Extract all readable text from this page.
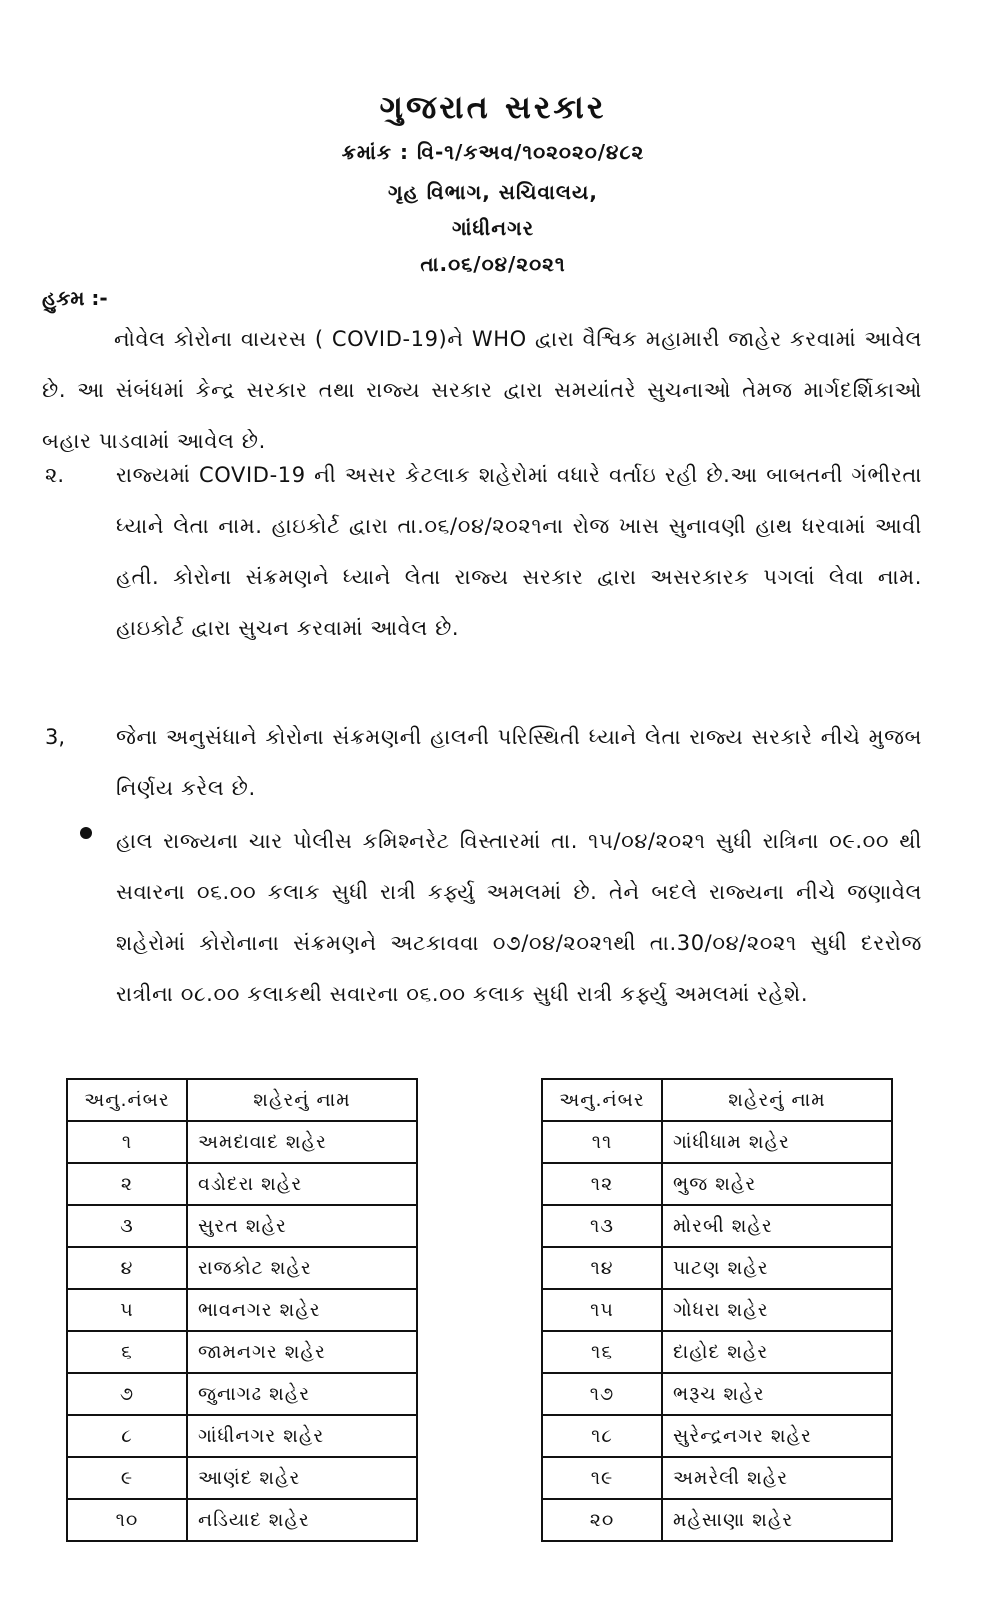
ગુજરાત સરકાર
ક્રમાંક : વિ-૧/કઅવ/૧૦૨૦૨૦/૪૮૨
ગૃહ વિભાગ, સચિવાલય,
ગાંધીનગર
તા.૦૬/૦૪/૨૦૨૧
હુકમ :-
નોવેલ કોરોના વાયરસ ( COVID-19)ને WHO દ્વારા વૈશ્વિક મહામારી જાહેર કરવામાં આવેલ છે. આ સંબંધમાં કેન્દ્ર સરકાર તથા રાજ્ય સરકાર દ્વારા સમયાંતરે સુચનાઓ તેમજ માર્ગદર્શિકાઓ બહાર પાડવામાં આવેલ છે.
૨. રાજ્યમાં COVID-19 ની અસર કેટલાક શહેરોમાં વધારે વર્તાઇ રહી છે.આ બાબતની ગંભીરતા ધ્યાને લેતા નામ. હાઇકોર્ટ દ્વારા તા.૦૬/૦૪/૨૦૨૧ના રોજ ખાસ સુનાવણી હાથ ધરવામાં આવી હતી. કોરોના સંક્રમણને ધ્યાને લેતા રાજ્ય સરકાર દ્વારા અસરકારક પગલાં લેવા નામ. હાઇકોર્ટ દ્વારા સુચન કરવામાં આવેલ છે.
3, જેના અનુસંધાને કોરોના સંક્રમણની હાલની પરિસ્થિતી ધ્યાને લેતા રાજ્ય સરકારે નીચે મુજબ નિર્ણય કરેલ છે.
હાલ રાજ્યના ચાર પોલીસ કમિશ્નરેટ વિસ્તારમાં તા. ૧૫/૦૪/૨૦૨૧ સુધી રાત્રિના ૦૯.૦૦ થી સવારના ૦૬.૦૦ કલાક સુધી રાત્રી કર્ફ્યુ અમલમાં છે. તેને બદલે રાજ્યના નીચે જણાવેલ શહેરોમાં કોરોનાના સંક્રમણને અટકાવવા ૦૭/૦૪/૨૦૨૧થી તા.30/૦૪/૨૦૨૧ સુધી દરરોજ રાત્રીના ૦૮.૦૦ કલાકથી સવારના ૦૬.૦૦ કલાક સુધી રાત્રી કર્ફ્યુ અમલમાં રહેશે.
અનુ.નંબર	શહેરનું નામ
૧	અમદાવાદ શહેર
૨	વડોદરા શહેર
૩	સુરત શહેર
૪	રાજકોટ શહેર
૫	ભાવનગર શહેર
૬	જામનગર શહેર
૭	જુનાગઢ શહેર
૮	ગાંધીનગર શહેર
૯	આણંદ શહેર
૧૦	નડિયાદ શહેર
અનુ.નંબર	શહેરનું નામ
૧૧	ગાંધીધામ શહેર
૧૨	ભુજ શહેર
૧૩	મોરબી શહેર
૧૪	પાટણ શહેર
૧૫	ગોધરા શહેર
૧૬	દાહોદ શહેર
૧૭	ભરૂચ શહેર
૧૮	સુરેન્દ્રનગર શહેર
૧૯	અમરેલી શહેર
૨૦	મહેસાણા શહેર
